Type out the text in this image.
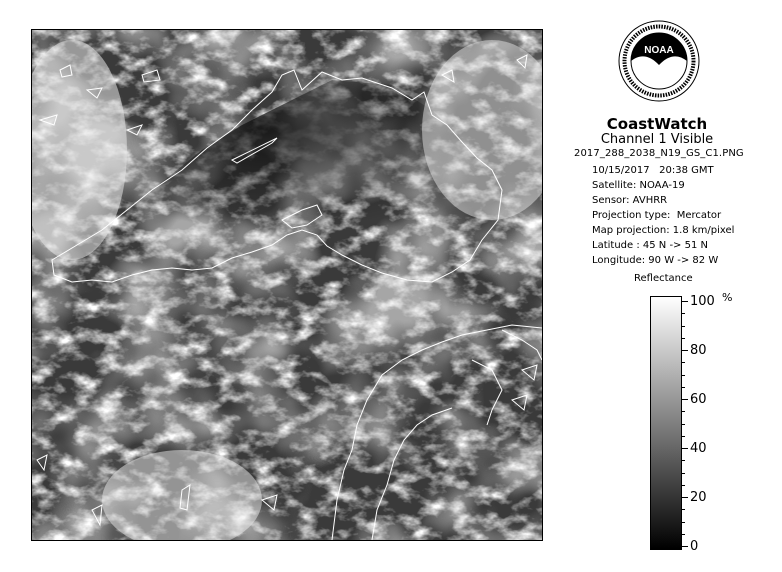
NOAA
CoastWatch
Channel 1 Visible
2017_288_2038_N19_GS_C1.PNG
10/15/2017   20:38 GMT
Satellite: NOAA-19
Sensor: AVHRR
Projection type:  Mercator
Map projection: 1.8 km/pixel
Latitude : 45 N -> 51 N
Longitude: 90 W -> 82 W
Reflectance
%
100
80
60
40
20
0
